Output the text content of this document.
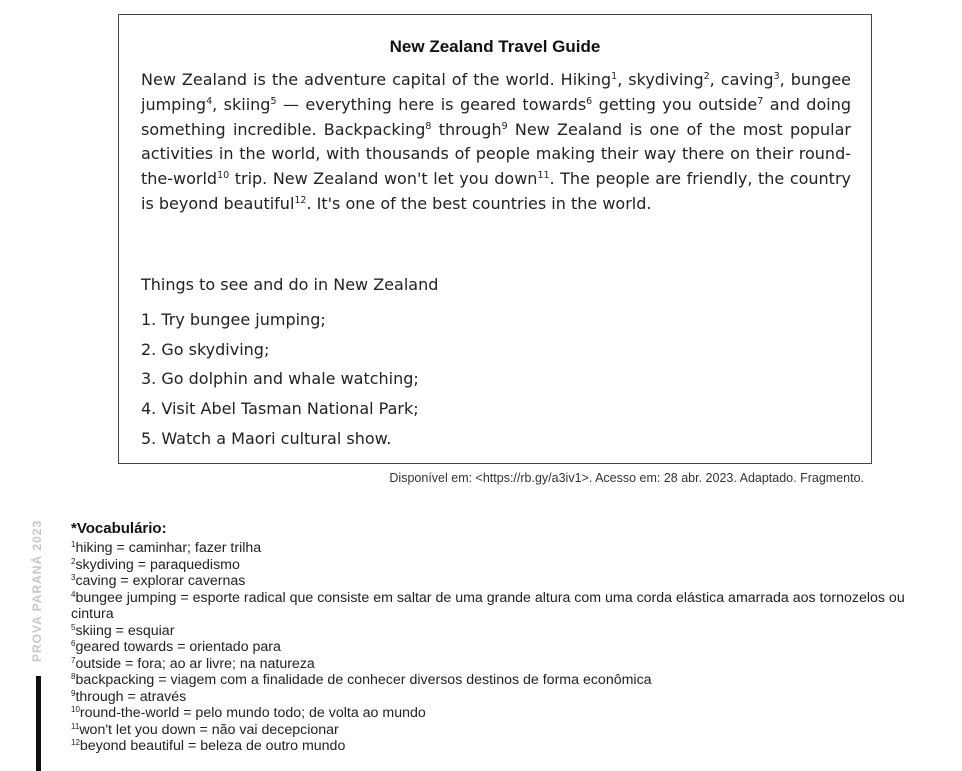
New Zealand Travel Guide
New Zealand is the adventure capital of the world. Hiking$^1$, skydiving$^2$, caving$^3$, bungee jumping$^4$, skiing$^5$ — everything here is geared towards$^6$ getting you outside$^7$ and doing something incredible. Backpacking$^8$ through$^9$ New Zealand is one of the most popular activities in the world, with thousands of people making their way there on their round-the-world$^{10}$ trip. New Zealand won't let you down$^{11}$. The people are friendly, the country is beyond beautiful$^{12}$. It's one of the best countries in the world.
Things to see and do in New Zealand
1. Try bungee jumping;
2. Go skydiving;
3. Go dolphin and whale watching;
4. Visit Abel Tasman National Park;
5. Watch a Maori cultural show.
Disponível em: <https://rb.gy/a3iv1>. Acesso em: 28 abr. 2023. Adaptado. Fragmento.
PROVA PARANÁ 2023 *Vocabulário:
$^1$hiking = caminhar; fazer trilha
$^2$skydiving = paraquedismo
$^3$caving = explorar cavernas
$^4$bungee jumping = esporte radical que consiste em saltar de uma grande altura com uma corda elástica amarrada aos tornozelos ou cintura
$^5$skiing = esquiar
$^6$geared towards = orientado para
$^7$outside = fora; ao ar livre; na natureza
$^8$backpacking = viagem com a finalidade de conhecer diversos destinos de forma econômica
$^9$through = através
$^{10}$round-the-world = pelo mundo todo; de volta ao mundo
$^{11}$won't let you down = não vai decepcionar
$^{12}$beyond beautiful = beleza de outro mundo
